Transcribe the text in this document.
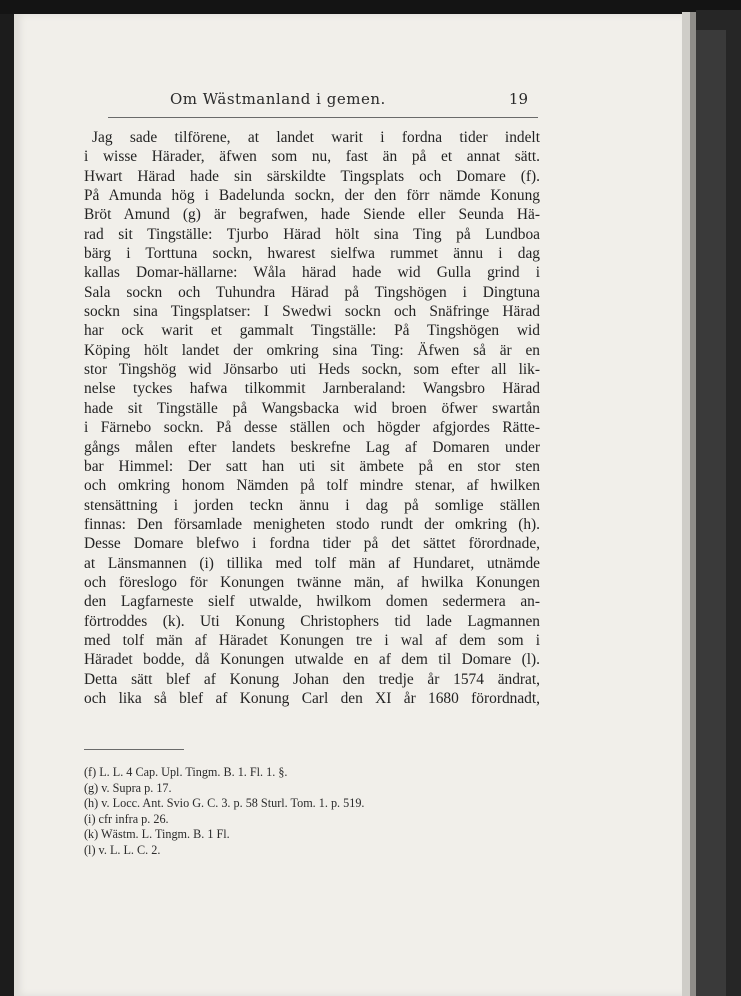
Om Wästmanland i gemen.	19
Jag sade tilförene, at landet warit i fordna tider indelt
i wisse Härader, äfwen som nu, fast än på et annat sätt.
Hwart Härad hade sin särskildte Tingsplats och Domare (f).
På Amunda hög i Badelunda sockn, der den förr nämde Konung
Bröt Amund (g) är begrafwen, hade Siende eller Seunda Hä-
rad sit Tingställe: Tjurbo Härad hölt sina Ting på Lundboa
bärg i Torttuna sockn, hwarest sielfwa rummet ännu i dag
kallas Domar-hällarne: Wåla härad hade wid Gulla grind i
Sala sockn och Tuhundra Härad på Tingshögen i Dingtuna
sockn sina Tingsplatser: I Swedwi sockn och Snäfringe Härad
har ock warit et gammalt Tingställe: På Tingshögen wid
Köping hölt landet der omkring sina Ting: Äfwen så är en
stor Tingshög wid Jönsarbo uti Heds sockn, som efter all lik-
nelse tyckes hafwa tilkommit Jarnberaland: Wangsbro Härad
hade sit Tingställe på Wangsbacka wid broen öfwer swartån
i Färnebo sockn. På desse ställen och högder afgjordes Rätte-
gångs målen efter landets beskrefne Lag af Domaren under
bar Himmel: Der satt han uti sit ämbete på en stor sten
och omkring honom Nämden på tolf mindre stenar, af hwilken
stensättning i jorden teckn ännu i dag på somlige ställen
finnas: Den församlade menigheten stodo rundt der omkring (h).
Desse Domare blefwo i fordna tider på det sättet förordnade,
at Länsmannen (i) tillika med tolf män af Hundaret, utnämde
och föreslogo för Konungen twänne män, af hwilka Konungen
den Lagfarneste sielf utwalde, hwilkom domen sedermera an-
förtroddes (k). Uti Konung Christophers tid lade Lagmannen
med tolf män af Häradet Konungen tre i wal af dem som i
Häradet bodde, då Konungen utwalde en af dem til Domare (l).
Detta sätt blef af Konung Johan den tredje år 1574 ändrat,
och lika så blef af Konung Carl den XI år 1680 förordnadt,
(f) L. L. 4 Cap. Upl. Tingm. B. 1. Fl. 1. §.
(g) v. Supra p. 17.
(h) v. Locc. Ant. Svio G. C. 3. p. 58 Sturl. Tom. 1. p. 519.
(i) cfr infra p. 26.
(k) Wästm. L. Tingm. B. 1 Fl.
(l) v. L. L. C. 2.
